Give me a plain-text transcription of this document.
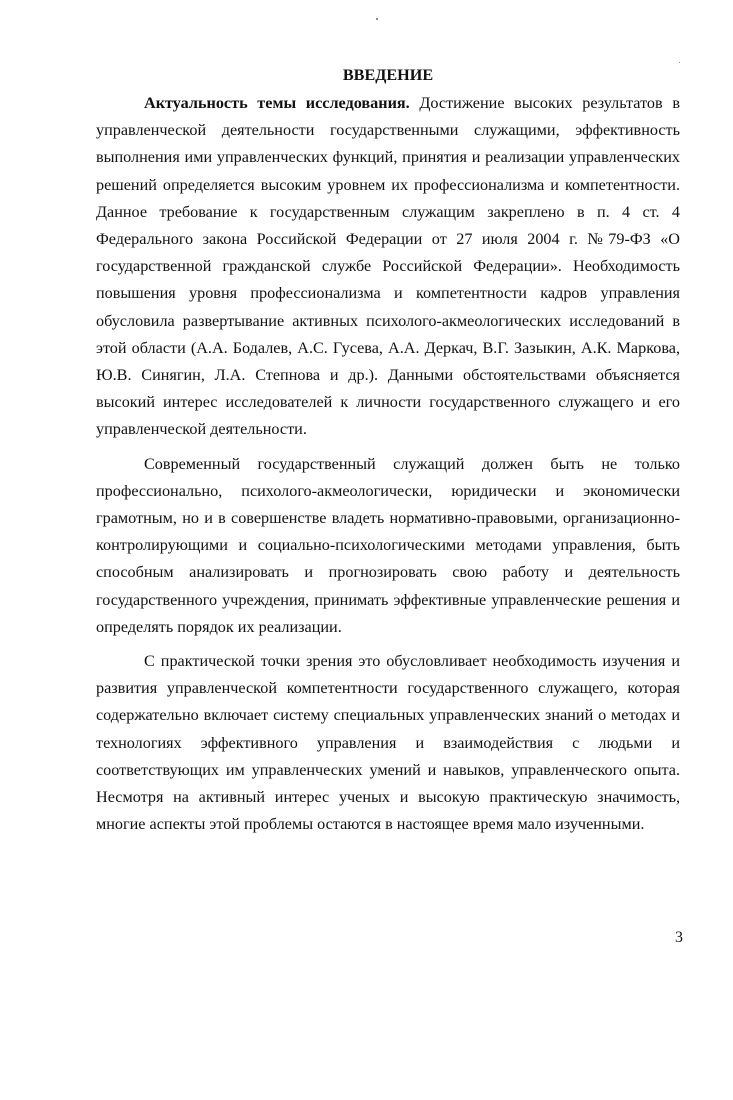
ВВЕДЕНИЕ

Актуальность темы исследования. Достижение высоких результатов в управленческой деятельности государственными служащими, эффективность выполнения ими управленческих функций, принятия и реализации управленческих решений определяется высоким уровнем их профессионализма и компетентности. Данное требование к государственным служащим закреплено в п. 4 ст. 4 Федерального закона Российской Федерации от 27 июля 2004 г. №79-ФЗ «О государственной гражданской службе Российской Федерации». Необходимость повышения уровня профессионализма и компетентности кадров управления обусловила развертывание активных психолого-акмеологических исследований в этой области (А.А. Бодалев, А.С. Гусева, А.А. Деркач, В.Г. Зазыкин, А.К. Маркова, Ю.В. Синягин, Л.А. Степнова и др.). Данными обстоятельствами объясняется высокий интерес исследователей к личности государственного служащего и его управленческой деятельности.

Современный государственный служащий должен быть не только профессионально, психолого-акмеологически, юридически и экономически грамотным, но и в совершенстве владеть нормативно-правовыми, организационно-контролирующими и социально-психологическими методами управления, быть способным анализировать и прогнозировать свою работу и деятельность государственного учреждения, принимать эффективные управленческие решения и определять порядок их реализации.

С практической точки зрения это обусловливает необходимость изучения и развития управленческой компетентности государственного служащего, которая содержательно включает систему специальных управленческих знаний о методах и технологиях эффективного управления и взаимодействия с людьми и соответствующих им управленческих умений и навыков, управленческого опыта. Несмотря на активный интерес ученых и высокую практическую значимость, многие аспекты этой проблемы остаются в настоящее время мало изученными.

3
